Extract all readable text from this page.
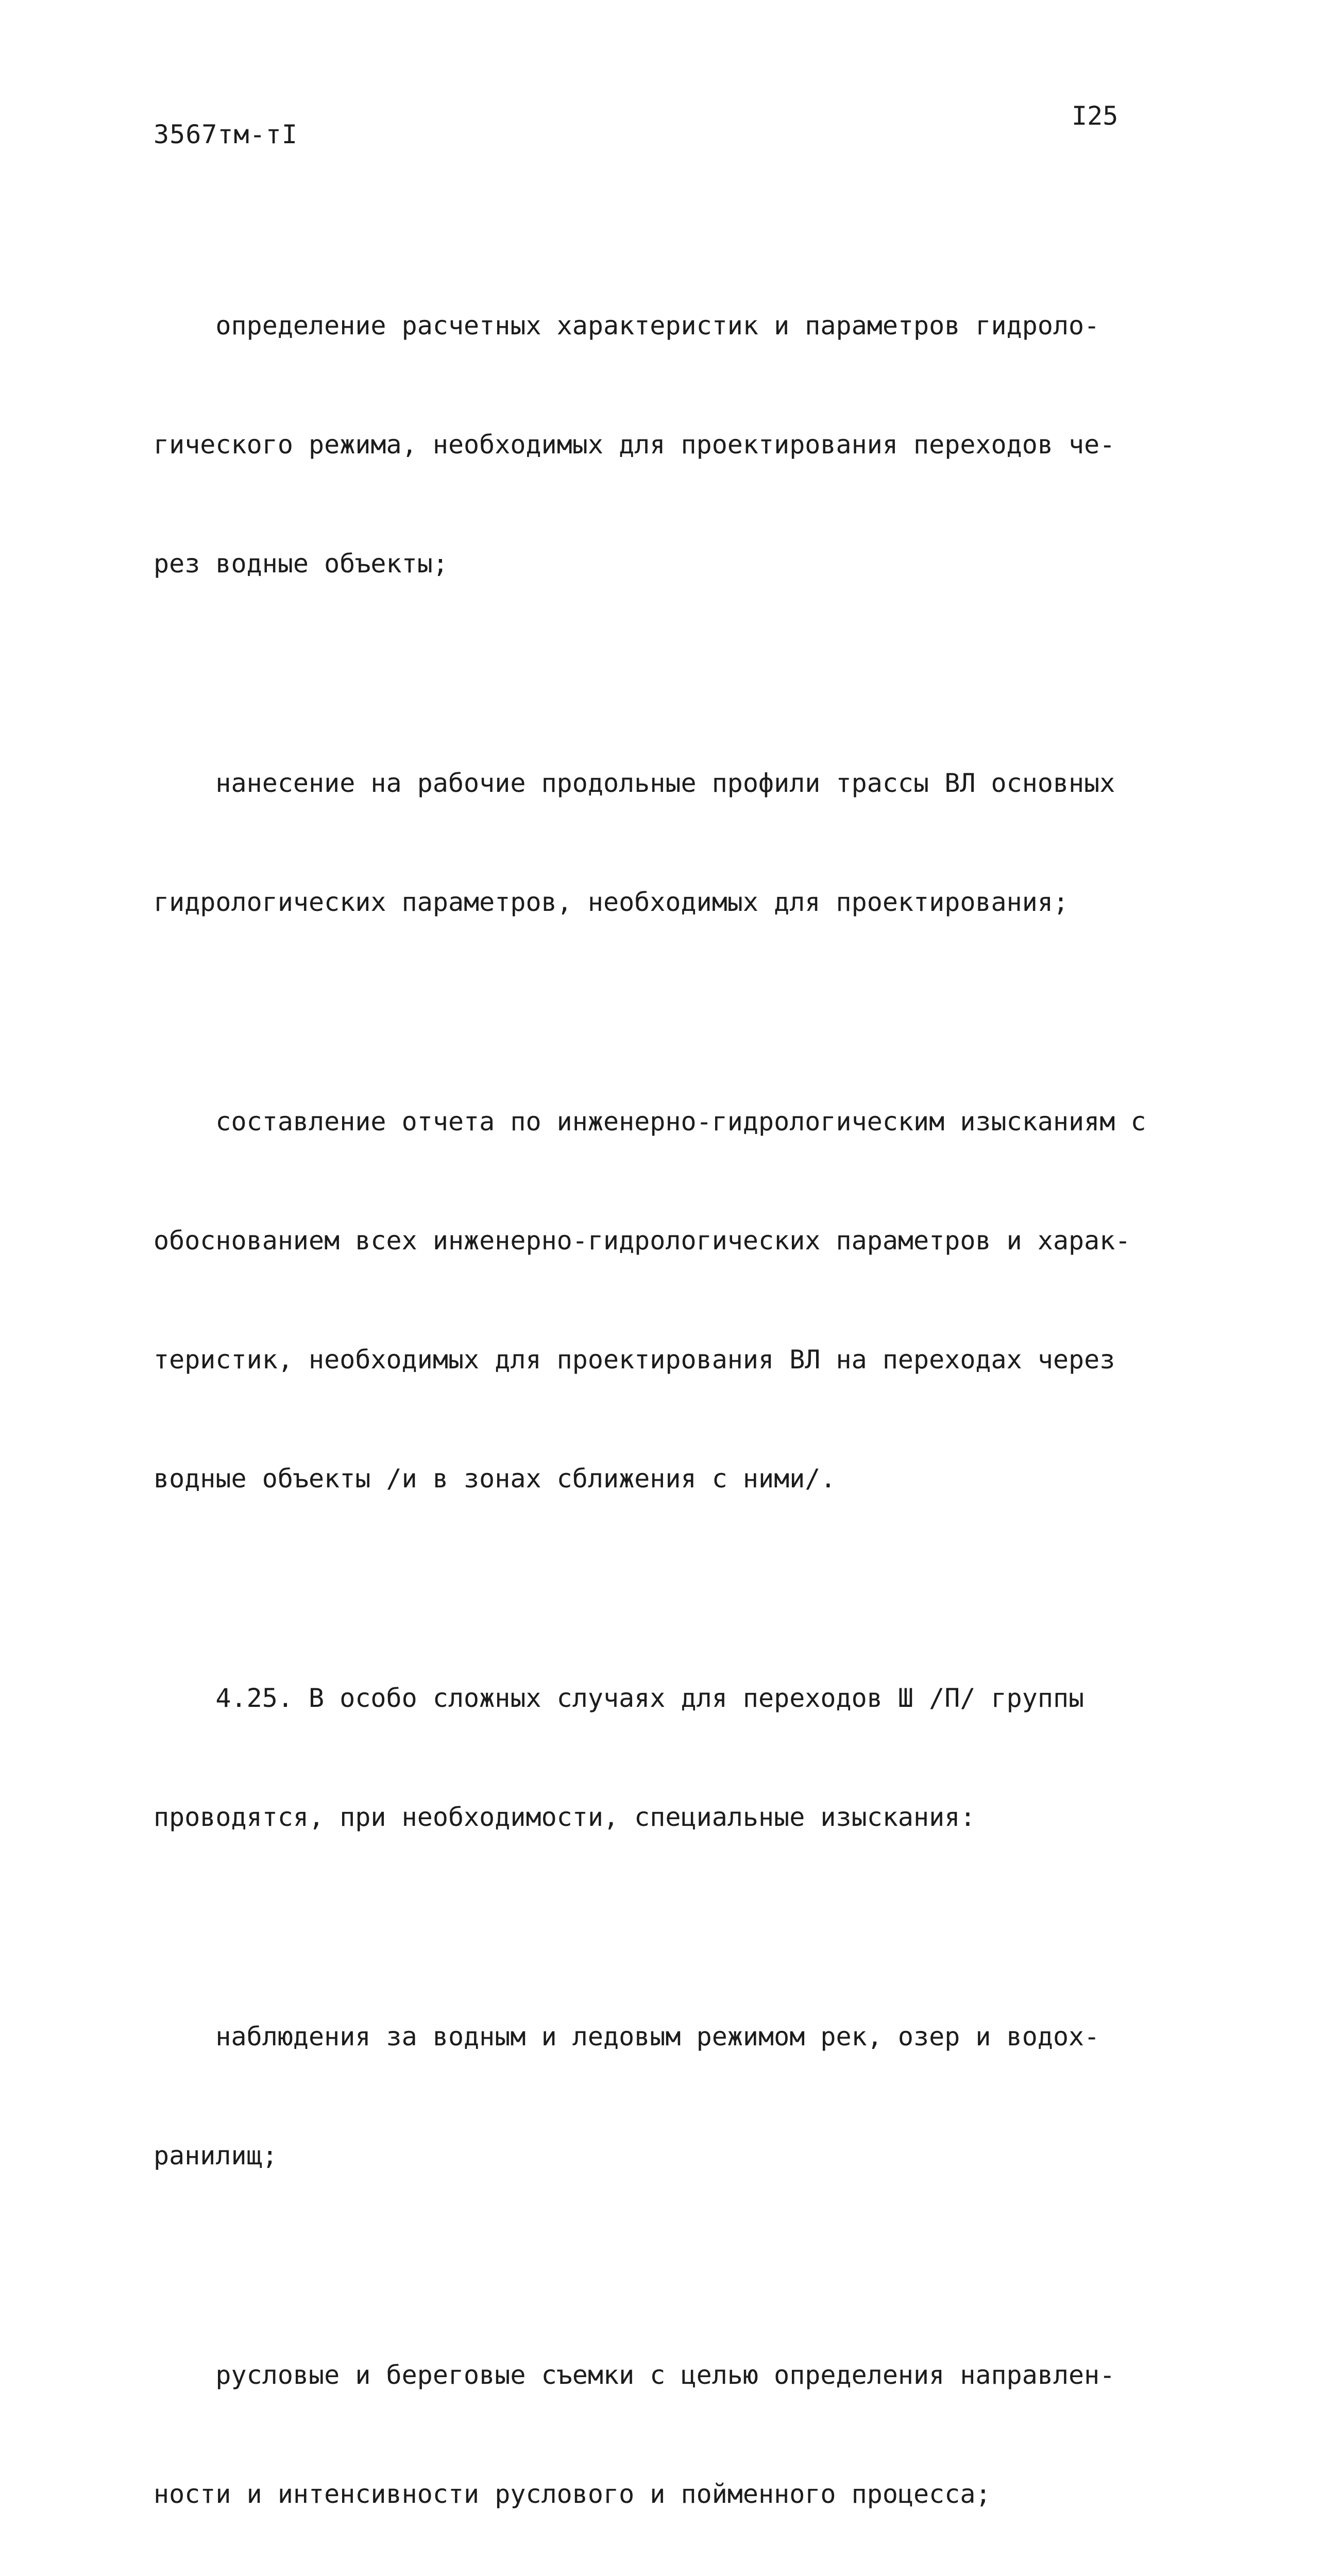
3567тм-тI
I25

определение расчетных характеристик и параметров гидроло-

гического режима, необходимых для проектирования переходов че-

рез водные объекты;

нанесение на рабочие продольные профили трассы ВЛ основных

гидрологических параметров, необходимых для проектирования;

составление отчета по инженерно-гидрологическим изысканиям с

обоснованием всех инженерно-гидрологических параметров и харак-

теристик, необходимых для проектирования ВЛ на переходах через

водные объекты /и в зонах сближения с ними/.

4.25. В особо сложных случаях для переходов Ш /П/ группы

проводятся, при необходимости, специальные изыскания:

наблюдения за водным и ледовым режимом рек, озер и водох-

ранилищ;

русловые и береговые съемки с целью определения направлен-

ности и интенсивности руслового и пойменного процесса;
